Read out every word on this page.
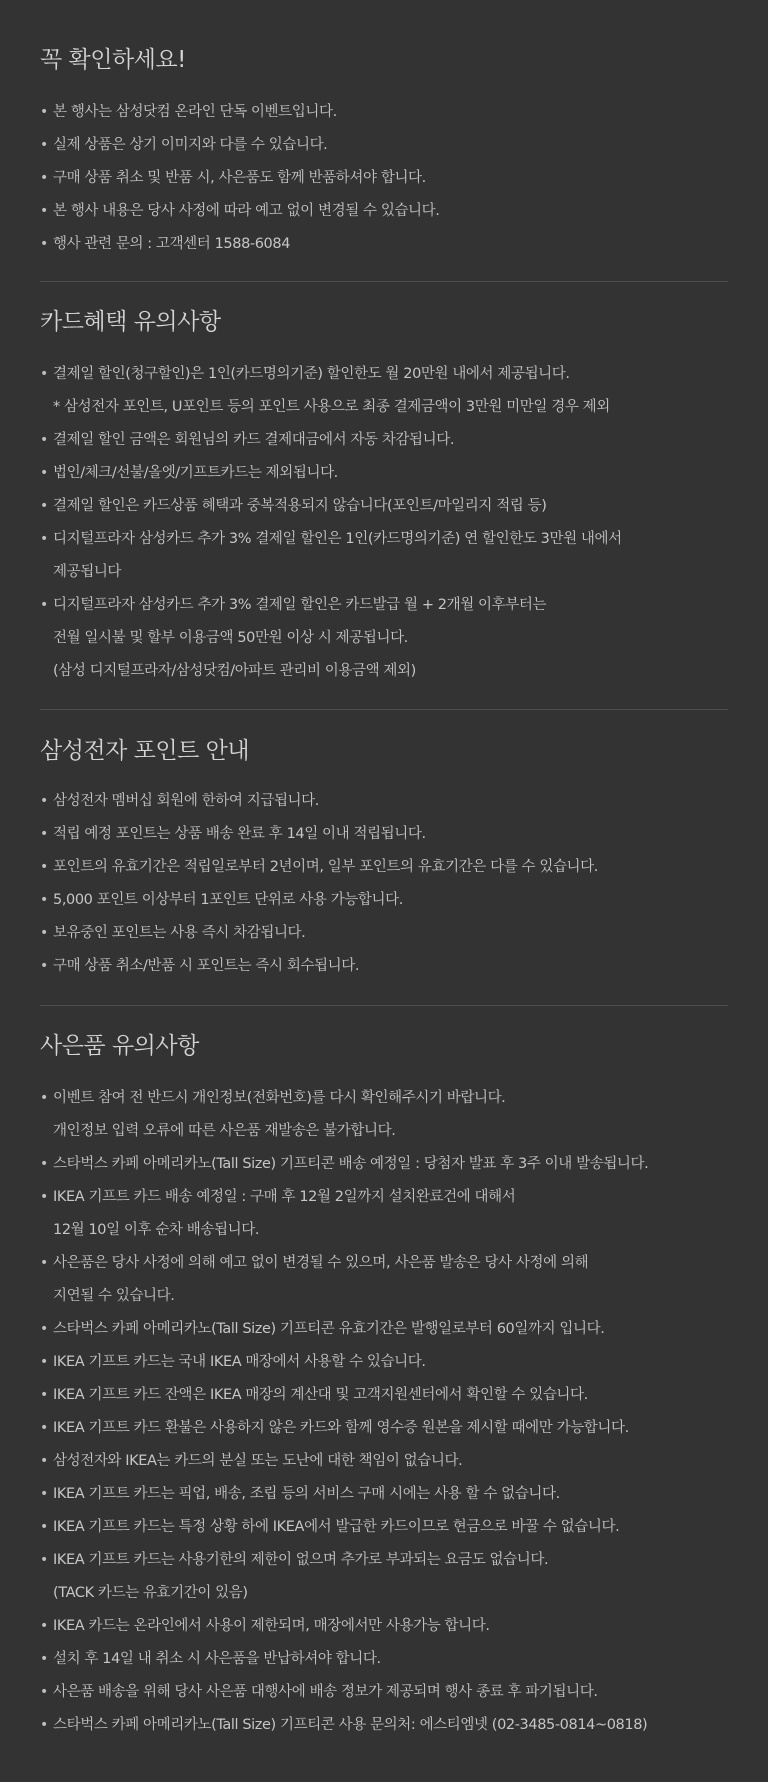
꼭 확인하세요!
• 본 행사는 삼성닷컴 온라인 단독 이벤트입니다.
• 실제 상품은 상기 이미지와 다를 수 있습니다.
• 구매 상품 취소 및 반품 시, 사은품도 함께 반품하셔야 합니다.
• 본 행사 내용은 당사 사정에 따라 예고 없이 변경될 수 있습니다.
• 행사 관련 문의 : 고객센터 1588-6084
카드혜택 유의사항
• 결제일 할인(청구할인)은 1인(카드명의기준) 할인한도 월 20만원 내에서 제공됩니다.
* 삼성전자 포인트, U포인트 등의 포인트 사용으로 최종 결제금액이 3만원 미만일 경우 제외
• 결제일 할인 금액은 회원님의 카드 결제대금에서 자동 차감됩니다.
• 법인/체크/선불/올엣/기프트카드는 제외됩니다.
• 결제일 할인은 카드상품 혜택과 중복적용되지 않습니다(포인트/마일리지 적립 등)
• 디지털프라자 삼성카드 추가 3% 결제일 할인은 1인(카드명의기준) 연 할인한도 3만원 내에서
제공됩니다
• 디지털프라자 삼성카드 추가 3% 결제일 할인은 카드발급 월 + 2개월 이후부터는
전월 일시불 및 할부 이용금액 50만원 이상 시 제공됩니다.
(삼성 디지털프라자/삼성닷컴/아파트 관리비 이용금액 제외)
삼성전자 포인트 안내
• 삼성전자 멤버십 회원에 한하여 지급됩니다.
• 적립 예정 포인트는 상품 배송 완료 후 14일 이내 적립됩니다.
• 포인트의 유효기간은 적립일로부터 2년이며, 일부 포인트의 유효기간은 다를 수 있습니다.
• 5,000 포인트 이상부터 1포인트 단위로 사용 가능합니다.
• 보유중인 포인트는 사용 즉시 차감됩니다.
• 구매 상품 취소/반품 시 포인트는 즉시 회수됩니다.
사은품 유의사항
• 이벤트 참여 전 반드시 개인정보(전화번호)를 다시 확인해주시기 바랍니다.
개인정보 입력 오류에 따른 사은품 재발송은 불가합니다.
• 스타벅스 카페 아메리카노(Tall Size) 기프티콘 배송 예정일 : 당첨자 발표 후 3주 이내 발송됩니다.
• IKEA 기프트 카드 배송 예정일 : 구매 후 12월 2일까지 설치완료건에 대해서
12월 10일 이후 순차 배송됩니다.
• 사은품은 당사 사정에 의해 예고 없이 변경될 수 있으며, 사은품 발송은 당사 사정에 의해
지연될 수 있습니다.
• 스타벅스 카페 아메리카노(Tall Size) 기프티콘 유효기간은 발행일로부터 60일까지 입니다.
• IKEA 기프트 카드는 국내 IKEA 매장에서 사용할 수 있습니다.
• IKEA 기프트 카드 잔액은 IKEA 매장의 계산대 및 고객지원센터에서 확인할 수 있습니다.
• IKEA 기프트 카드 환불은 사용하지 않은 카드와 함께 영수증 원본을 제시할 때에만 가능합니다.
• 삼성전자와 IKEA는 카드의 분실 또는 도난에 대한 책임이 없습니다.
• IKEA 기프트 카드는 픽업, 배송, 조립 등의 서비스 구매 시에는 사용 할 수 없습니다.
• IKEA 기프트 카드는 특정 상황 하에 IKEA에서 발급한 카드이므로 현금으로 바꿀 수 없습니다.
• IKEA 기프트 카드는 사용기한의 제한이 없으며 추가로 부과되는 요금도 없습니다.
(TACK 카드는 유효기간이 있음)
• IKEA 카드는 온라인에서 사용이 제한되며, 매장에서만 사용가능 합니다.
• 설치 후 14일 내 취소 시 사은품을 반납하셔야 합니다.
• 사은품 배송을 위해 당사 사은품 대행사에 배송 정보가 제공되며 행사 종료 후 파기됩니다.
• 스타벅스 카페 아메리카노(Tall Size) 기프티콘 사용 문의처: 에스티엠넷 (02-3485-0814~0818)
